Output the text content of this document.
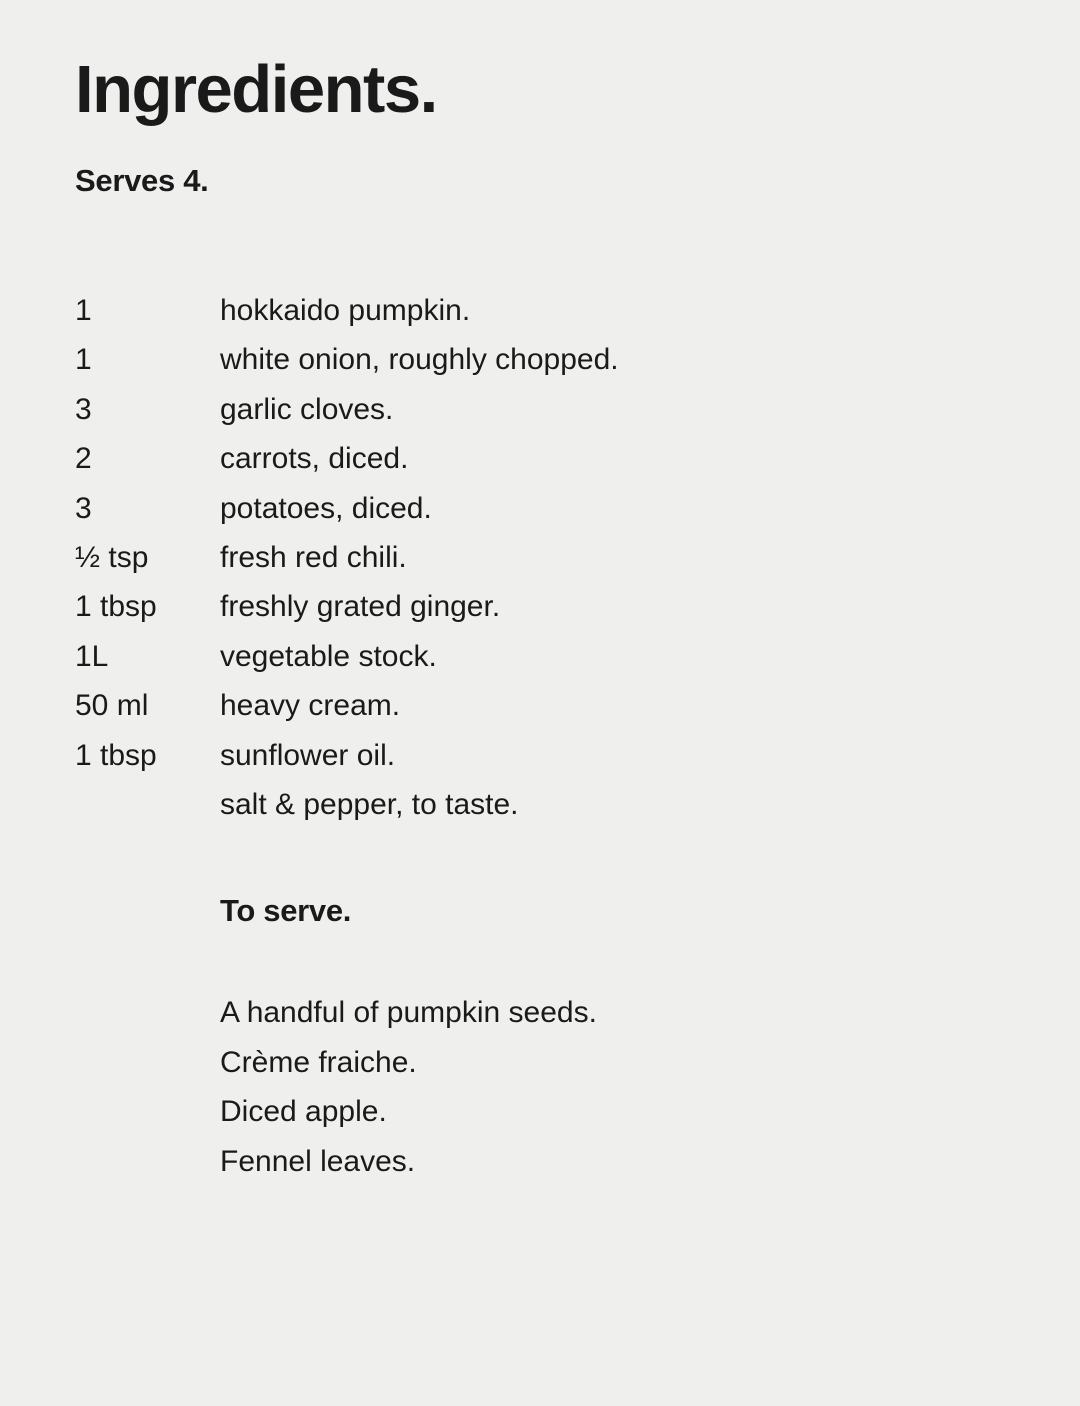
Ingredients.
Serves 4.
1	hokkaido pumpkin.
1	white onion, roughly chopped.
3	garlic cloves.
2	carrots, diced.
3	potatoes, diced.
½ tsp	fresh red chili.
1 tbsp	freshly grated ginger.
1L	vegetable stock.
50 ml	heavy cream.
1 tbsp	sunflower oil.
salt & pepper, to taste.
To serve.
A handful of pumpkin seeds.
Crème fraiche.
Diced apple.
Fennel leaves.
